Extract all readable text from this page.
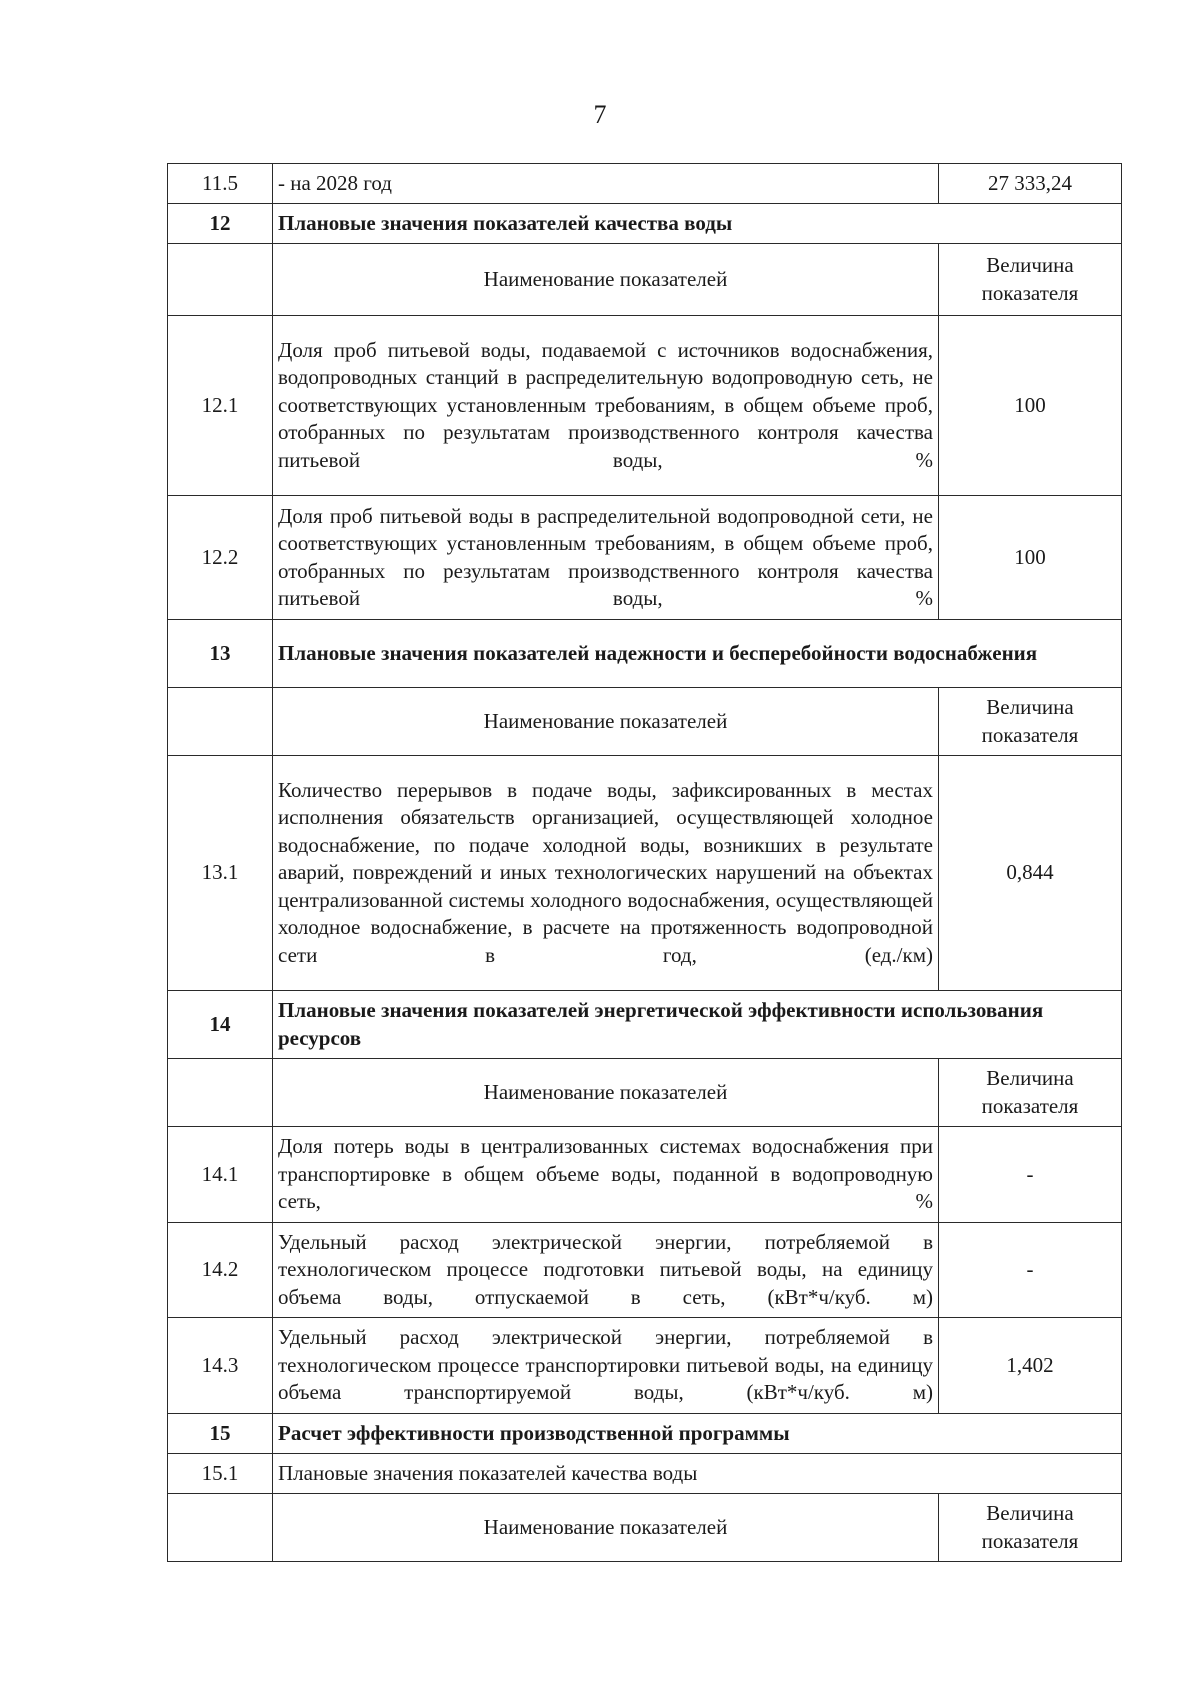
7
11.5	- на 2028 год	27 333,24
12	Плановые значения показателей качества воды	
	Наименование показателей	Величина показателя
12.1	Доля проб питьевой воды, подаваемой с источников водоснабжения, водопроводных станций в распределительную водопроводную сеть, не соответствующих установленным требованиям, в общем объеме проб, отобранных по результатам производственного контроля качества питьевой воды, %	100
12.2	Доля проб питьевой воды в распределительной водопроводной сети, не соответствующих установленным требованиям, в общем объеме проб, отобранных по результатам производственного контроля качества питьевой воды, %	100
13	Плановые значения показателей надежности и бесперебойности водоснабжения	
	Наименование показателей	Величина показателя
13.1	Количество перерывов в подаче воды, зафиксированных в местах исполнения обязательств организацией, осуществляющей холодное водоснабжение, по подаче холодной воды, возникших в результате аварий, повреждений и иных технологических нарушений на объектах централизованной системы холодного водоснабжения, осуществляющей холодное водоснабжение, в расчете на протяженность водопроводной сети в год, (ед./км)	0,844
14	Плановые значения показателей энергетической эффективности использования ресурсов	
	Наименование показателей	Величина показателя
14.1	Доля потерь воды в централизованных системах водоснабжения при транспортировке в общем объеме воды, поданной в водопроводную сеть, %	-
14.2	Удельный расход электрической энергии, потребляемой в технологическом процессе подготовки питьевой воды, на единицу объема воды, отпускаемой в сеть, (кВт*ч/куб. м)	-
14.3	Удельный расход электрической энергии, потребляемой в технологическом процессе транспортировки питьевой воды, на единицу объема транспортируемой воды, (кВт*ч/куб. м)	1,402
15	Расчет эффективности производственной программы	
15.1	Плановые значения показателей качества воды	
	Наименование показателей	Величина показателя
